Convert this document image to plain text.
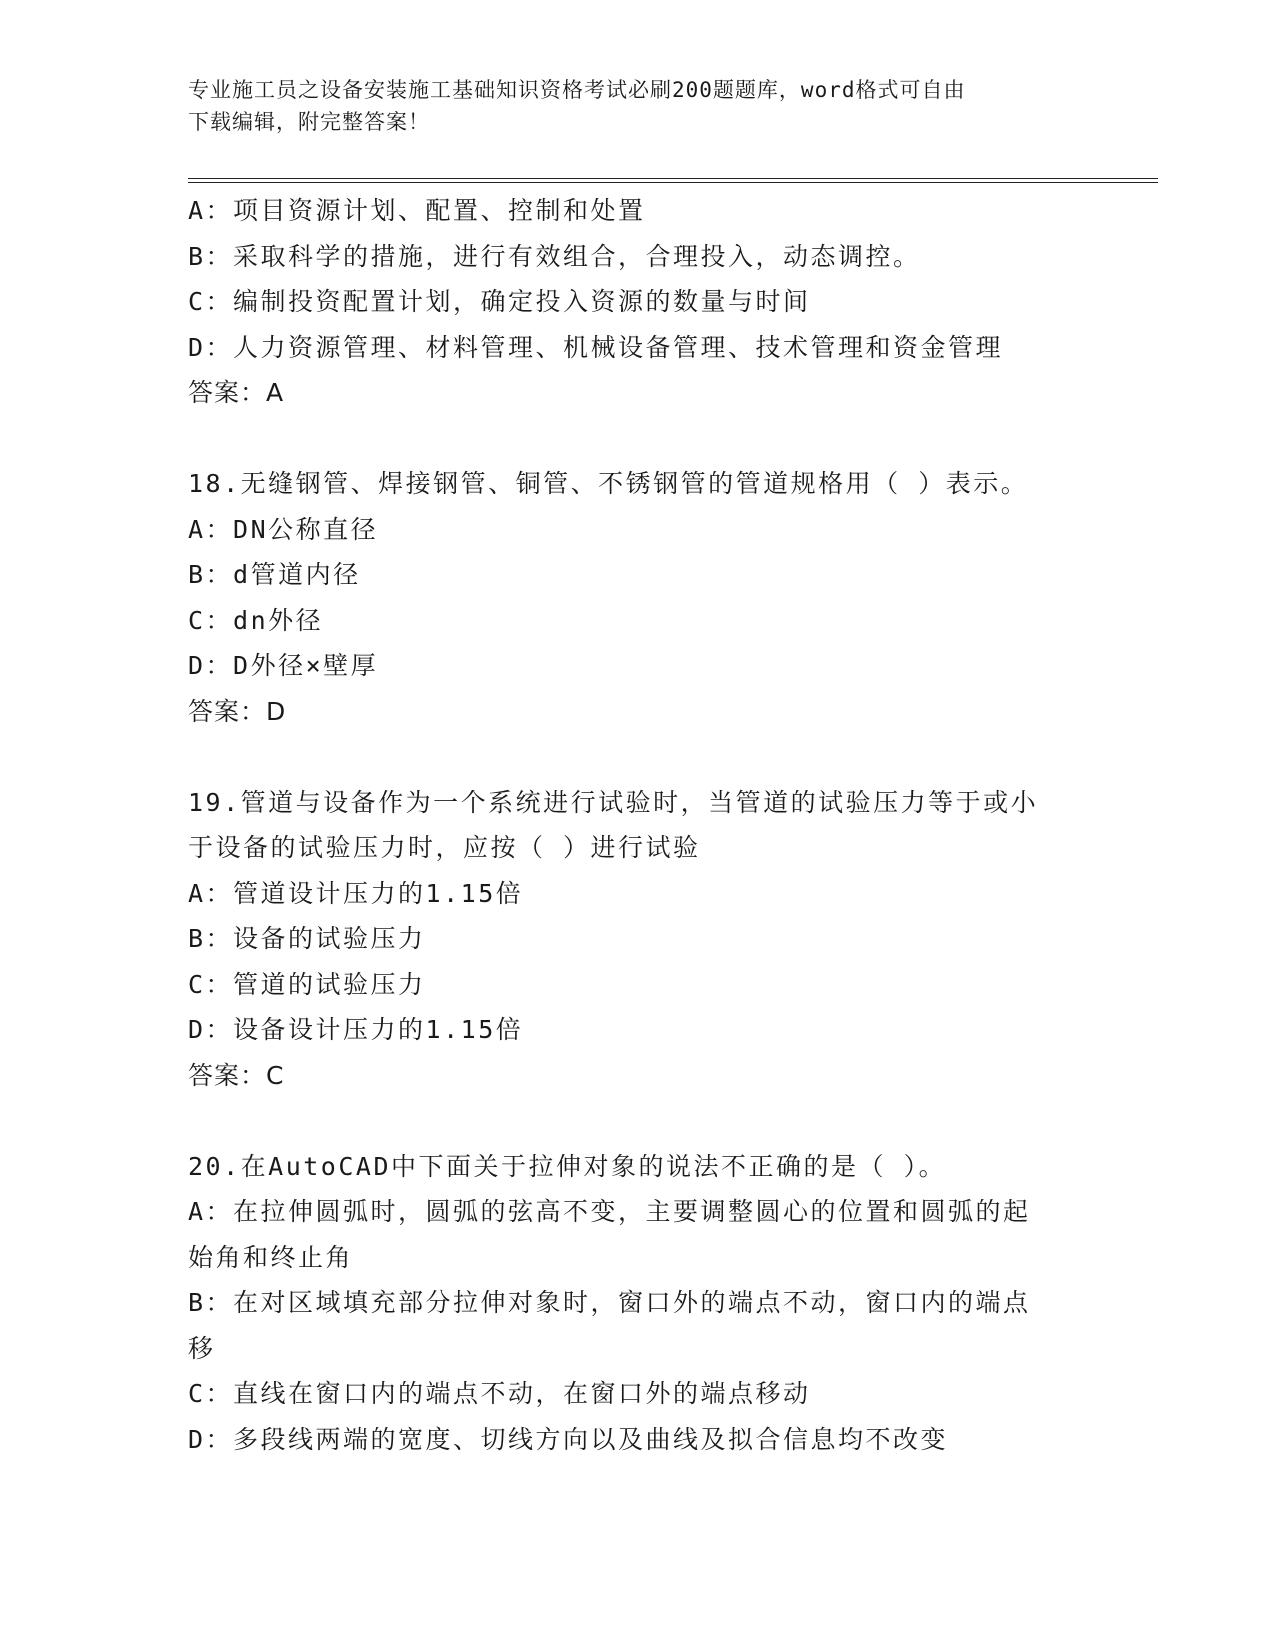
专业施工员之设备安装施工基础知识资格考试必刷200题题库，word格式可自由
下载编辑，附完整答案！
A：项目资源计划、配置、控制和处置
B：采取科学的措施，进行有效组合，合理投入，动态调控。
C：编制投资配置计划，确定投入资源的数量与时间
D：人力资源管理、材料管理、机械设备管理、技术管理和资金管理
答案：A
18.无缝钢管、焊接钢管、铜管、不锈钢管的管道规格用（ ）表示。
A：DN公称直径
B：d管道内径
C：dn外径
D：D外径×壁厚
答案：D
19.管道与设备作为一个系统进行试验时，当管道的试验压力等于或小
于设备的试验压力时，应按（ ）进行试验
A：管道设计压力的1.15倍
B：设备的试验压力
C：管道的试验压力
D：设备设计压力的1.15倍
答案：C
20.在AutoCAD中下面关于拉伸对象的说法不正确的是（ ）。
A：在拉伸圆弧时，圆弧的弦高不变，主要调整圆心的位置和圆弧的起
始角和终止角
B：在对区域填充部分拉伸对象时，窗口外的端点不动，窗口内的端点
移
C：直线在窗口内的端点不动，在窗口外的端点移动
D：多段线两端的宽度、切线方向以及曲线及拟合信息均不改变
